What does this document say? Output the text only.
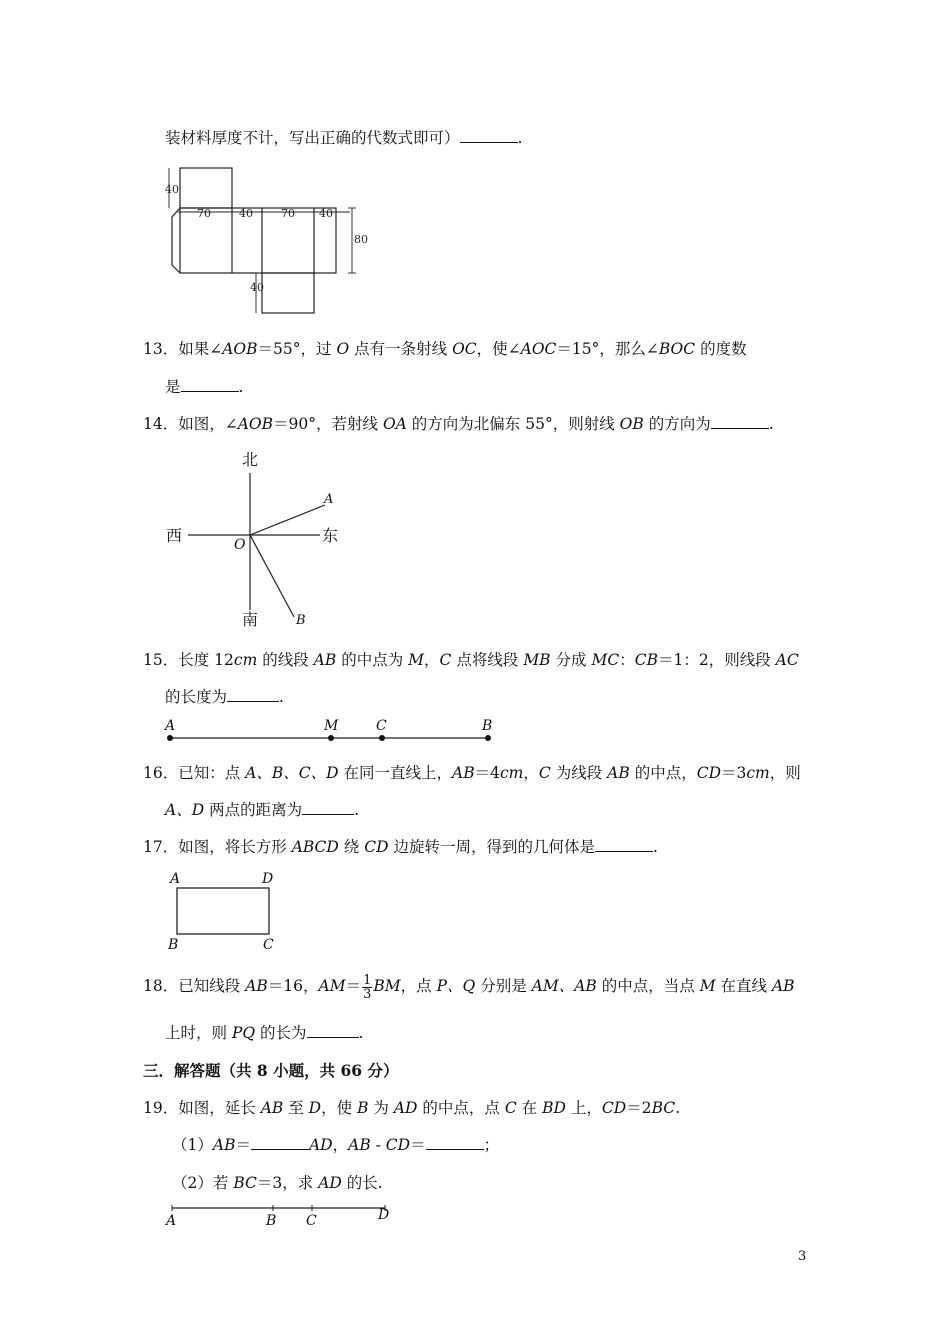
装材料厚度不计，写出正确的代数式即可）	.
40
70	40	70 40
80
40
13．如果∠AOB＝55°，过 O 点有一条射线 OC，使∠AOC＝15°，那么∠BOC 的度数
是	.
14．如图，∠AOB＝90°，若射线 OA 的方向为北偏东 55°，则射线 OB 的方向为	.
北
南
西	东
O
A
B
15．长度 12cm 的线段 AB 的中点为 M，C 点将线段 MB 分成 MC：CB＝1：2，则线段 AC
的长度为	.
A	M	C	B
16．已知：点 A、B、C、D 在同一直线上，AB＝4cm，C 为线段 AB 的中点，CD＝3cm，则
A、D 两点的距离为	.
17．如图，将长方形 ABCD 绕 CD 边旋转一周，得到的几何体是	.
A	D
B	C
18．已知线段 AB＝16，$AM= \frac{1}{3}$ BM，点 P、Q 分别是 AM、AB 的中点，当点 M 在直线 AB
上时，则 PQ 的长为	.
三．解答题（共 8 小题，共 66 分）
19．如图，延长 AB 至 D，使 B 为 AD 的中点，点 C 在 BD 上，CD＝2BC.
（1）AB＝	AD，AB - CD＝	；
（2）若 BC＝3，求 AD 的长.
A	B C	D
3
